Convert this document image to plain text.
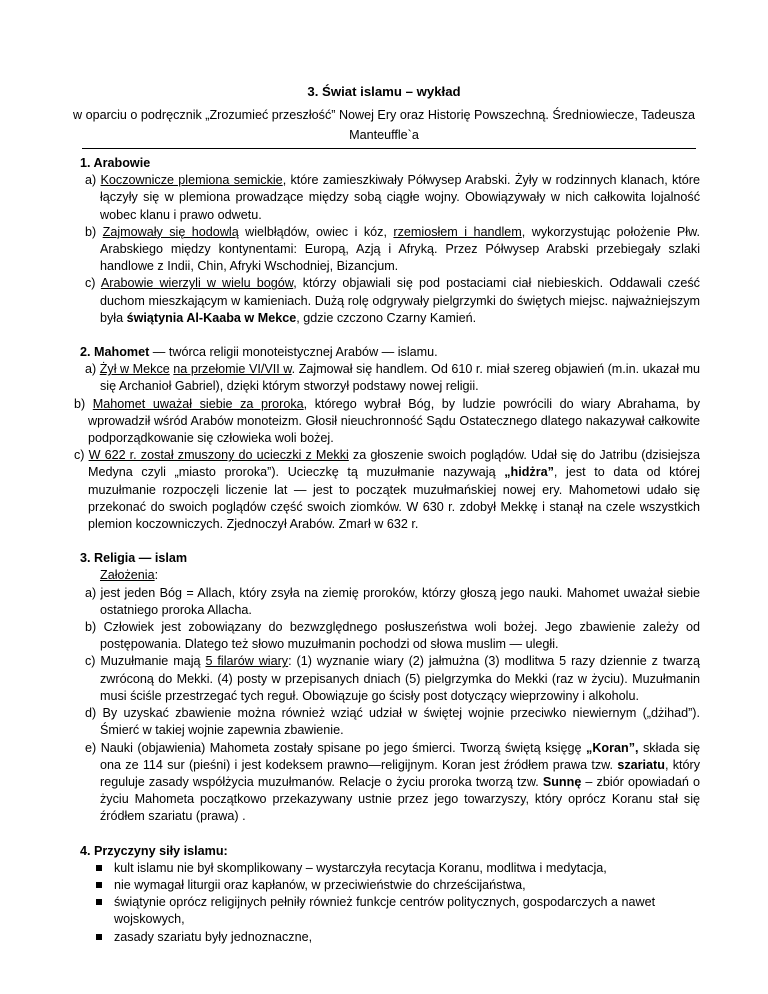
3. Świat islamu – wykład
w oparciu o podręcznik „Zrozumieć przeszłość” Nowej Ery oraz Historię Powszechną. Średniowiecze, Tadeusza Manteuffle`a

1. Arabowie

a) Koczownicze plemiona semickie, które zamieszkiwały Półwysep Arabski. Żyły w rodzinnych klanach, które łączyły się w plemiona prowadzące między sobą ciągłe wojny. Obowiązywały w nich całkowita lojalność wobec klanu i prawo odwetu.

b) Zajmowały się hodowlą wielbłądów, owiec i kóz, rzemiosłem i handlem, wykorzystując położenie Płw. Arabskiego między kontynentami: Europą, Azją i Afryką. Przez Półwysep Arabski przebiegały szlaki handlowe z Indii, Chin, Afryki Wschodniej, Bizancjum.

c) Arabowie wierzyli w wielu bogów, którzy objawiali się pod postaciami ciał niebieskich. Oddawali cześć duchom mieszkającym w kamieniach. Dużą rolę odgrywały pielgrzymki do świętych miejsc. najważniejszym była świątynia Al-Kaaba w Mekce, gdzie czczono Czarny Kamień.

2. Mahomet — twórca religii monoteistycznej Arabów — islamu.

a) Żył w Mekce na przełomie VI/VII w. Zajmował się handlem. Od 610 r. miał szereg objawień (m.in. ukazał mu się Archanioł Gabriel), dzięki którym stworzył podstawy nowej religii.

b) Mahomet uważał siebie za proroka, którego wybrał Bóg, by ludzie powrócili do wiary Abrahama, by wprowadził wśród Arabów monoteizm. Głosił nieuchronność Sądu Ostatecznego dlatego nakazywał całkowite podporządkowanie się człowieka woli bożej.

c) W 622 r. został zmuszony do ucieczki z Mekki za głoszenie swoich poglądów. Udał się do Jatribu (dzisiejsza Medyna czyli „miasto proroka”). Ucieczkę tą muzułmanie nazywają „hidżra”, jest to data od której muzułmanie rozpoczęli liczenie lat — jest to początek muzułmańskiej nowej ery. Mahometowi udało się przekonać do swoich poglądów część swoich ziomków. W 630 r. zdobył Mekkę i stanął na czele wszystkich plemion koczowniczych. Zjednoczył Arabów. Zmarł w 632 r.

3. Religia — islam

Założenia:

a) jest jeden Bóg = Allach, który zsyła na ziemię proroków, którzy głoszą jego nauki. Mahomet uważał siebie ostatniego proroka Allacha.

b) Człowiek jest zobowiązany do bezwzględnego posłuszeństwa woli bożej. Jego zbawienie zależy od postępowania. Dlatego też słowo muzułmanin pochodzi od słowa muslim — uległi.

c) Muzułmanie mają 5 filarów wiary: (1) wyznanie wiary (2) jałmużna (3) modlitwa 5 razy dziennie z twarzą zwróconą do Mekki. (4) posty w przepisanych dniach (5) pielgrzymka do Mekki (raz w życiu). Muzułmanin musi ściśle przestrzegać tych reguł. Obowiązuje go ścisły post dotyczący wieprzowiny i alkoholu.

d) By uzyskać zbawienie można również wziąć udział w świętej wojnie przeciwko niewiernym („dżihad”). Śmierć w takiej wojnie zapewnia zbawienie.

e) Nauki (objawienia) Mahometa zostały spisane po jego śmierci. Tworzą świętą księgę „Koran”, składa się ona ze 114 sur (pieśni) i jest kodeksem prawno—religijnym. Koran jest źródłem prawa tzw. szariatu, który reguluje zasady współżycia muzułmanów. Relacje o życiu proroka tworzą tzw. Sunnę – zbiór opowiadań o życiu Mahometa początkowo przekazywany ustnie przez jego towarzyszy, który oprócz Koranu stał się źródłem szariatu (prawa) .

4. Przyczyny siły islamu:

kult islamu nie był skomplikowany – wystarczyła recytacja Koranu, modlitwa i medytacja,
nie wymagał liturgii oraz kapłanów, w przeciwieństwie do chrześcijaństwa,
świątynie oprócz religijnych pełniły również funkcje centrów politycznych, gospodarczych a nawet wojskowych,
zasady szariatu były jednoznaczne,
